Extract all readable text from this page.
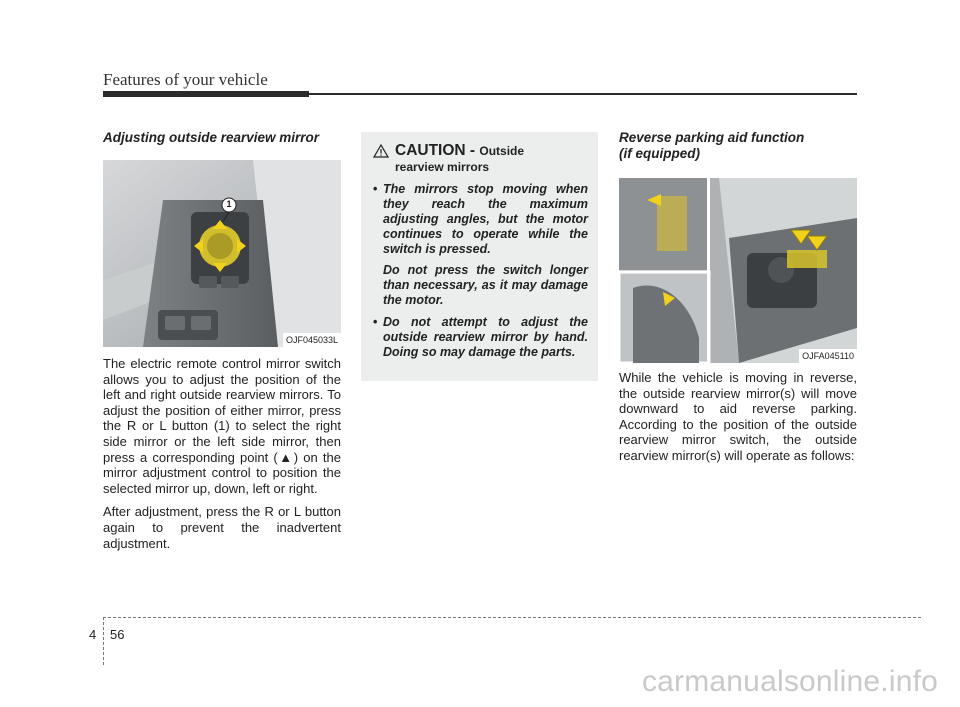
Features of your vehicle
Adjusting outside rearview mirror
1
OJF045033L

The electric remote control mirror switch allows you to adjust the position of the left and right outside rearview mirrors. To adjust the position of either mirror, press the R or L button (1) to select the right side mirror or the left side mirror, then press a corresponding point (▲) on the mirror adjustment control to position the selected mirror up, down, left or right.

After adjustment, press the R or L button again to prevent the inadvertent adjustment.

CAUTION - Outside
rearview mirrors
• The mirrors stop moving when they reach the maximum adjusting angles, but the motor continues to operate while the switch is pressed.

Do not press the switch longer than necessary, as it may damage the motor.

• Do not attempt to adjust the outside rearview mirror by hand. Doing so may damage the parts.

Reverse parking aid function
(if equipped)
OJFA045110

While the vehicle is moving in reverse, the outside rearview mirror(s) will move downward to aid reverse parking. According to the position of the outside rearview mirror switch, the outside rearview mirror(s) will operate as follows:

4 56
carmanualsonline.info
